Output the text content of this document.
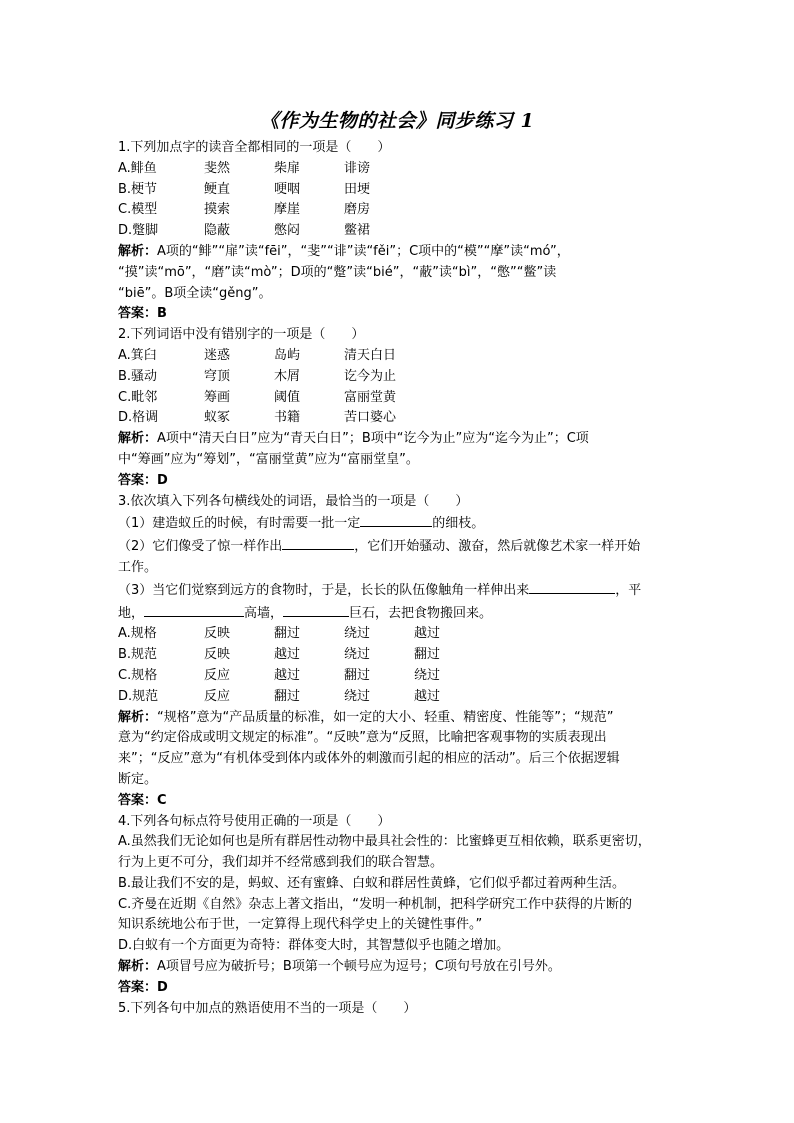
《作为生物的社会》同步练习 1

1.下列加点字的读音全都相同的一项是（　　）

A.鲱鱼	斐然	柴扉	诽谤

B.梗节	鲠直	哽咽	田埂

C.模型	摸索	摩崖	磨房

D.蹩脚	隐蔽	憋闷	鳖裙

解析：A项的“鲱”“扉”读“fēi”，“斐”“诽”读“fěi”；C项中的“模”“摩”读“mó”，

“摸”读“mō”，“磨”读“mò”；D项的“蹩”读“bié”，“蔽”读“bì”，“憋”“鳖”读

“biē”。B项全读“gěng”。

答案：B

2.下列词语中没有错别字的一项是（　　）

A.箕臼	迷惑	岛屿	清天白日

B.骚动	穹顶	木屑	讫今为止

C.毗邻	筹画	阈值	富丽堂黄

D.格调	蚁冢	书籍	苦口婆心

解析：A项中“清天白日”应为“青天白日”；B项中“讫今为止”应为“迄今为止”；C项

中“筹画”应为“筹划”，“富丽堂黄”应为“富丽堂皇”。

答案：D

3.依次填入下列各句横线处的词语，最恰当的一项是（　　）

（1）建造蚁丘的时候，有时需要一批一定	的细枝。

（2）它们像受了惊一样作出	，它们开始骚动、激奋，然后就像艺术家一样开始

工作。

（3）当它们觉察到远方的食物时，于是，长长的队伍像触角一样伸出来	，平

地，	高墙，	巨石，去把食物搬回来。

A.规格	反映	翻过	绕过	越过

B.规范	反映	越过	绕过	翻过

C.规格	反应	越过	翻过	绕过

D.规范	反应	翻过	绕过	越过

解析：“规格”意为“产品质量的标准，如一定的大小、轻重、精密度、性能等”；“规范”

意为“约定俗成或明文规定的标准”。“反映”意为“反照，比喻把客观事物的实质表现出

来”；“反应”意为“有机体受到体内或体外的刺激而引起的相应的活动”。后三个依据逻辑

断定。

答案：C

4.下列各句标点符号使用正确的一项是（　　）

A.虽然我们无论如何也是所有群居性动物中最具社会性的：比蜜蜂更互相依赖，联系更密切，

行为上更不可分，我们却并不经常感到我们的联合智慧。

B.最让我们不安的是，蚂蚁、还有蜜蜂、白蚁和群居性黄蜂，它们似乎都过着两种生活。

C.齐曼在近期《自然》杂志上著文指出，“发明一种机制，把科学研究工作中获得的片断的

知识系统地公布于世，一定算得上现代科学史上的关键性事件。”

D.白蚁有一个方面更为奇特：群体变大时，其智慧似乎也随之增加。

解析：A项冒号应为破折号；B项第一个顿号应为逗号；C项句号放在引号外。

答案：D

5.下列各句中加点的熟语使用不当的一项是（　　）
